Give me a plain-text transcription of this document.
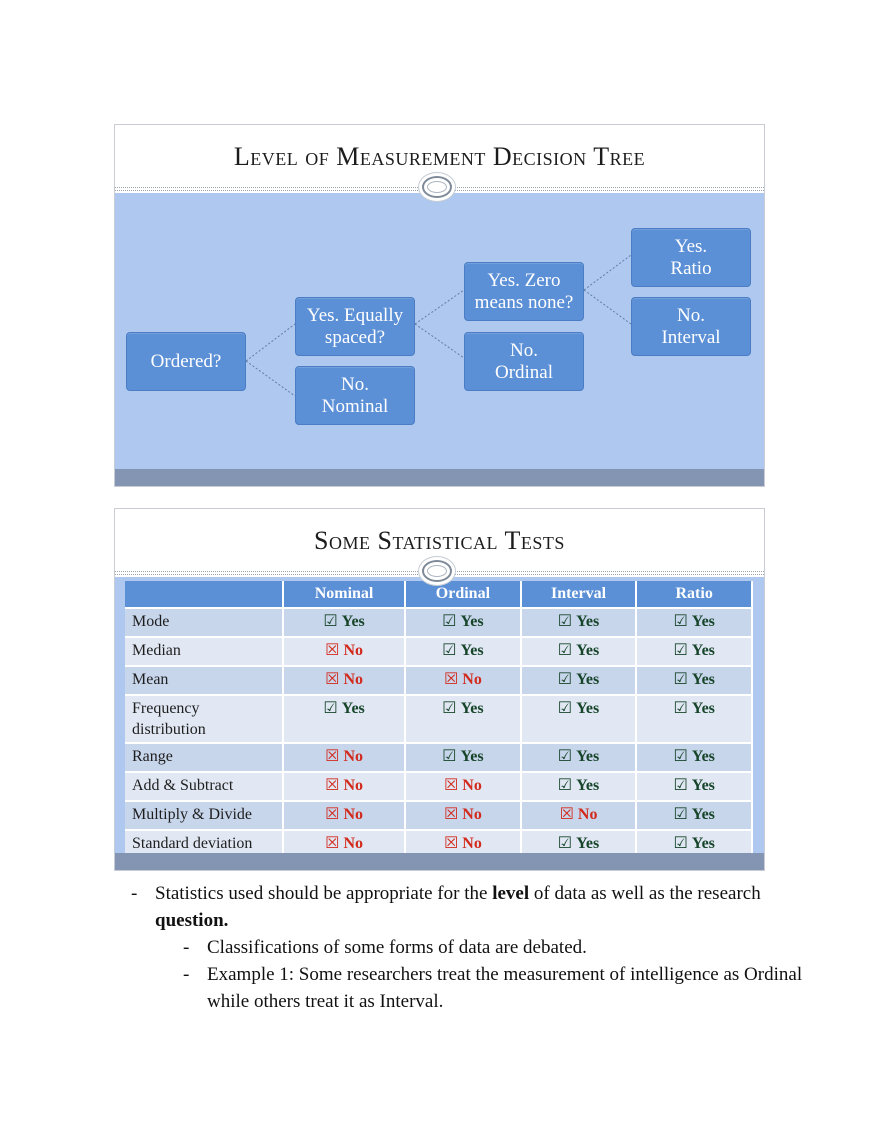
Level of Measurement Decision Tree
Ordered?
Yes. Equally
spaced?
No.
Nominal
Yes. Zero
means none?
No.
Ordinal
Yes.
Ratio
No.
Interval
Some Statistical Tests
	Nominal	Ordinal	Interval	Ratio
Mode	☑ Yes	☑ Yes	☑ Yes	☑ Yes
Median	☒ No	☑ Yes	☑ Yes	☑ Yes
Mean	☒ No	☒ No	☑ Yes	☑ Yes
Frequency distribution	☑ Yes	☑ Yes	☑ Yes	☑ Yes
Range	☒ No	☑ Yes	☑ Yes	☑ Yes
Add & Subtract	☒ No	☒ No	☑ Yes	☑ Yes
Multiply & Divide	☒ No	☒ No	☒ No	☑ Yes
Standard deviation	☒ No	☒ No	☑ Yes	☑ Yes
- Statistics used should be appropriate for the level of data as well as the research question.
- Classifications of some forms of data are debated.
- Example 1: Some researchers treat the measurement of intelligence as Ordinal while others treat it as Interval.
